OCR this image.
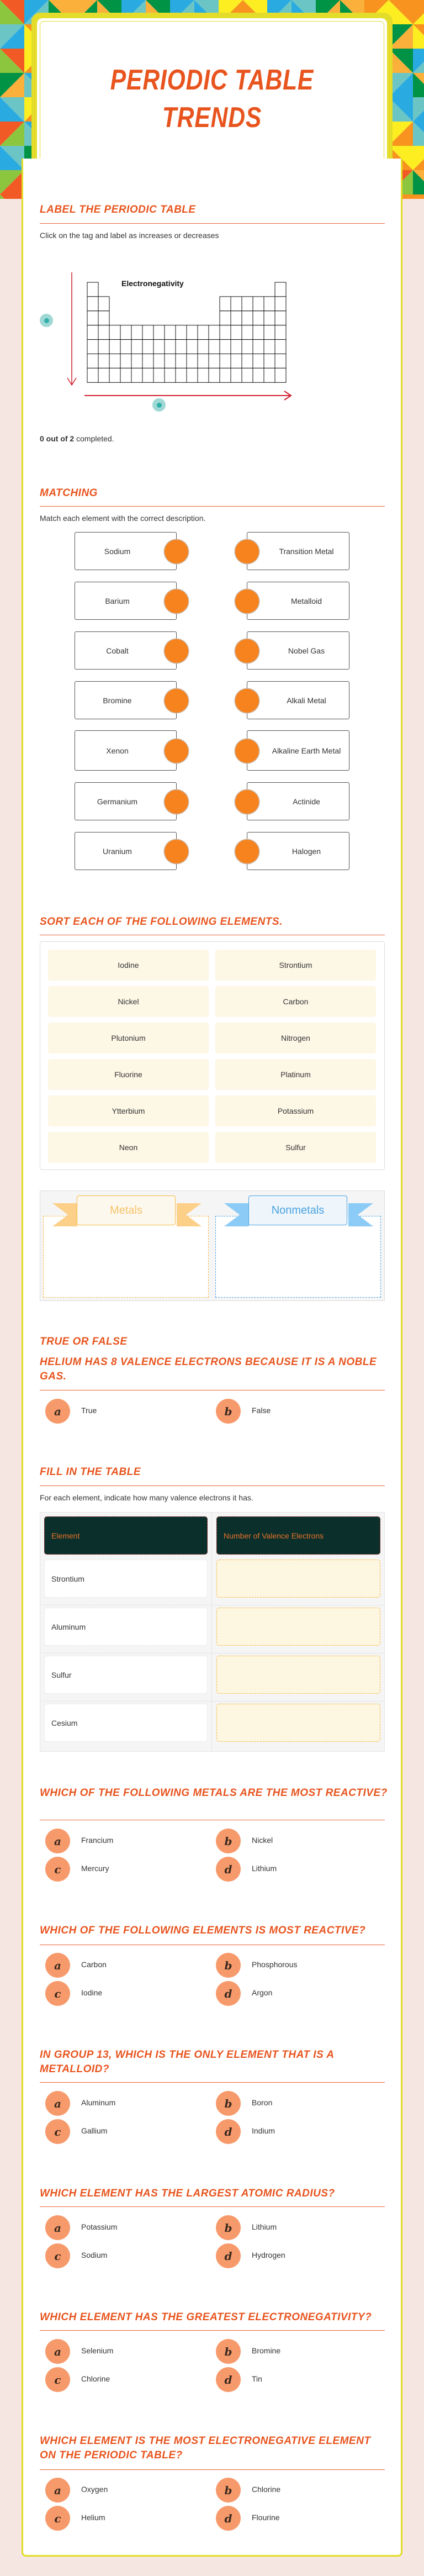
PERIODIC TABLE
TRENDS
LABEL THE PERIODIC TABLE
Click on the tag and label as increases or decreases
Electronegativity
0 out of 2 completed.
MATCHING
Match each element with the correct description.
SORT EACH OF THE FOLLOWING ELEMENTS.
Metals	Nonmetals
TRUE OR FALSE
HELIUM HAS 8 VALENCE ELECTRONS BECAUSE IT IS A NOBLE GAS.
FILL IN THE TABLE
For each element, indicate how many valence electrons it has.
Element	Number of Valence Electrons
Sodium	Transition Metal
Barium	Metalloid
Cobalt	Nobel Gas
Bromine	Alkali Metal
Xenon	Alkaline Earth Metal
Germanium	Actinide
Uranium	Halogen
Iodine	Strontium
Nickel	Carbon
Plutonium	Nitrogen
Fluorine	Platinum
Ytterbium	Potassium
Neon	Sulfur
a	True	b	False
Strontium
Aluminum
Sulfur
Cesium
WHICH OF THE FOLLOWING METALS ARE THE MOST REACTIVE?
a	Francium	b	Nickel
c	Mercury	d	Lithium
WHICH OF THE FOLLOWING ELEMENTS IS MOST REACTIVE?
a	Carbon	b	Phosphorous
c	Iodine	d	Argon
IN GROUP 13, WHICH IS THE ONLY ELEMENT THAT IS A METALLOID?
a	Aluminum	b	Boron
c	Gallium	d	Indium
WHICH ELEMENT HAS THE LARGEST ATOMIC RADIUS?
a	Potassium	b	Lithium
c	Sodium	d	Hydrogen
WHICH ELEMENT HAS THE GREATEST ELECTRONEGATIVITY?
a	Selenium	b	Bromine
c	Chlorine	d	Tin
WHICH ELEMENT IS THE MOST ELECTRONEGATIVE ELEMENT ON THE PERIODIC TABLE?
a	Oxygen	b	Chlorine
c	Helium	d	Flourine
